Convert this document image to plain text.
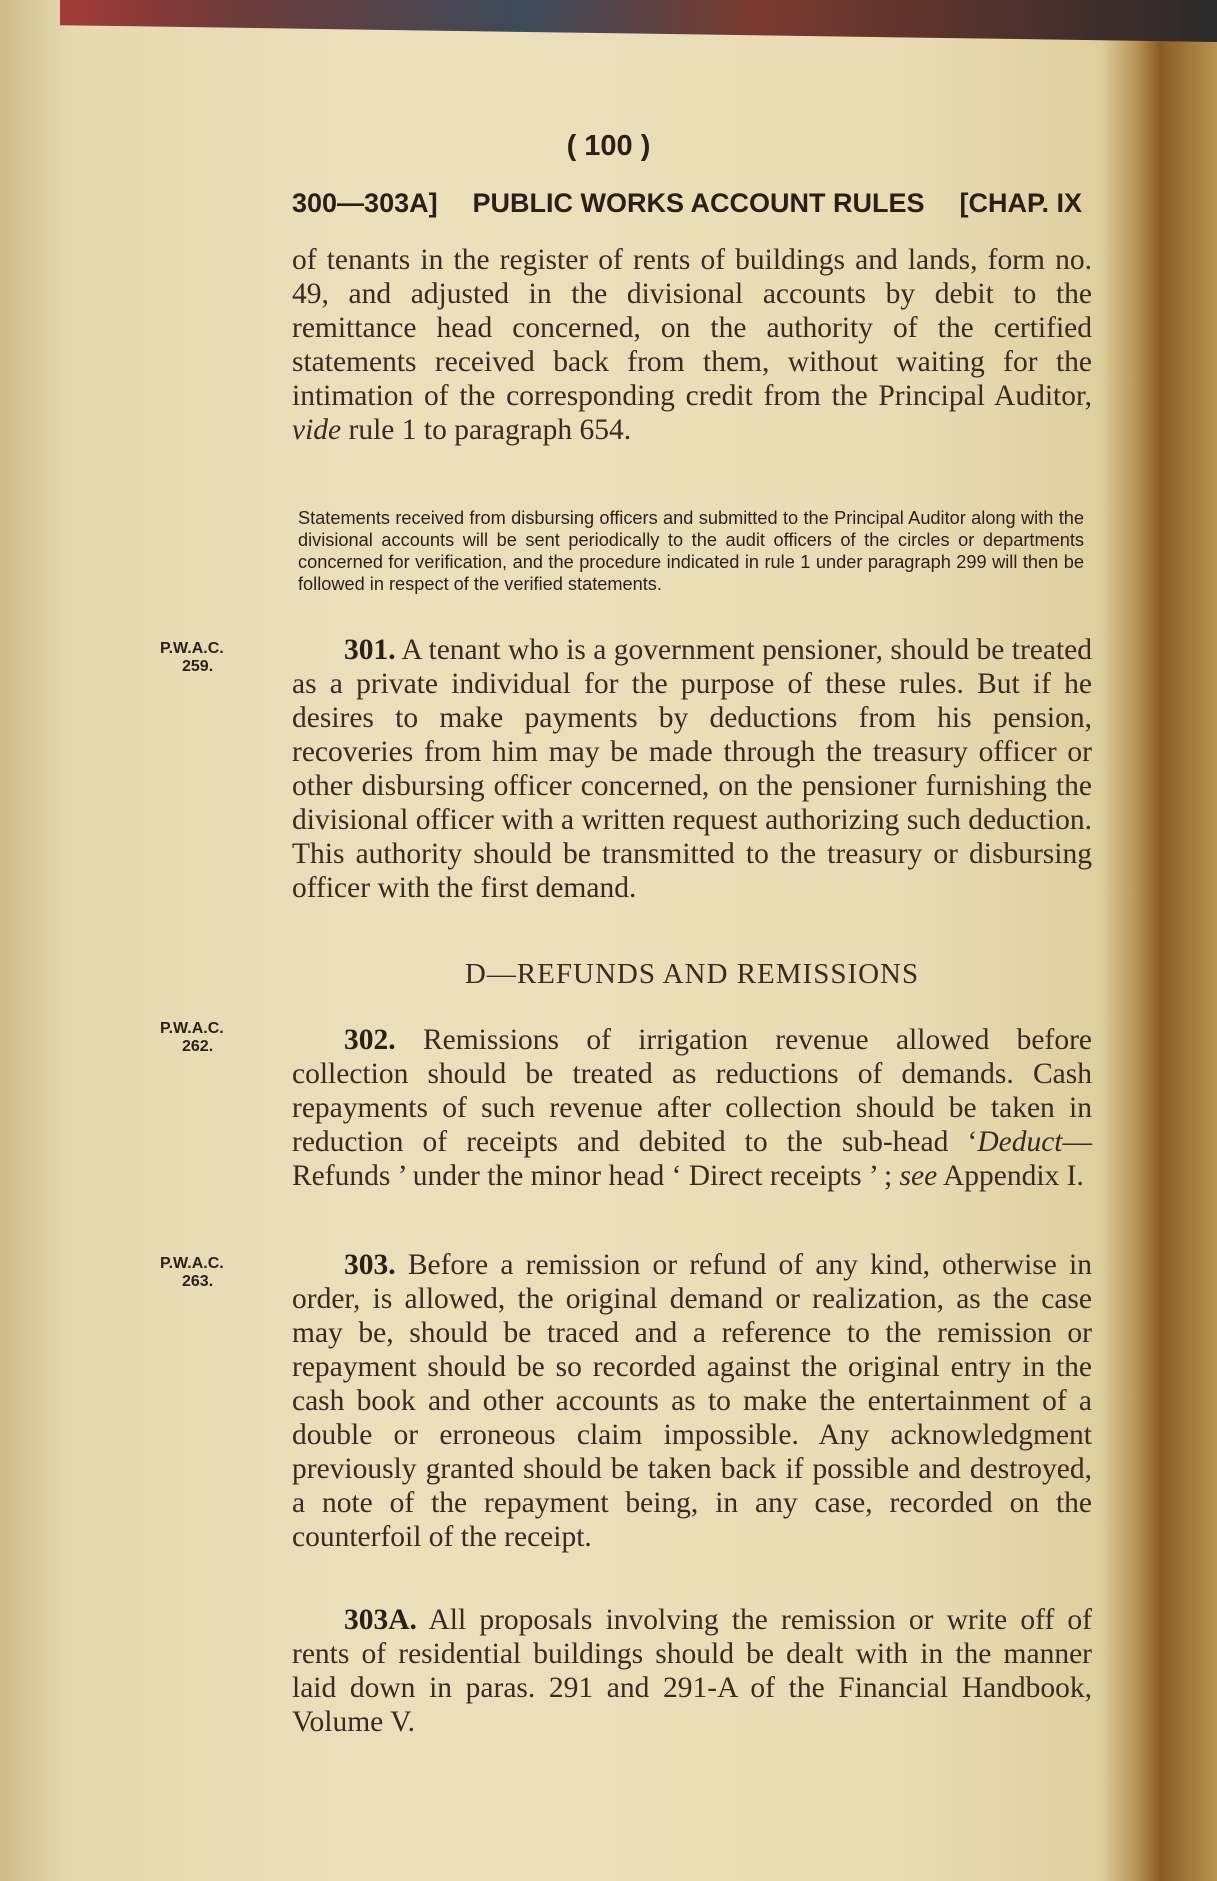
( 100 )
300—303A] PUBLIC WORKS ACCOUNT RULES [CHAP. IX

of tenants in the register of rents of buildings and lands, form no. 49, and adjusted in the divisional accounts by debit to the remittance head concerned, on the authority of the certified statements received back from them, without waiting for the intimation of the corresponding credit from the Principal Auditor, vide rule 1 to paragraph 654.

Statements received from disbursing officers and submitted to the Principal Auditor along with the divisional accounts will be sent periodically to the audit officers of the circles or departments concerned for verification, and the procedure indicated in rule 1 under paragraph 299 will then be followed in respect of the verified statements.
P.W.A.C.
259.

301. A tenant who is a government pensioner, should be treated as a private individual for the purpose of these rules. But if he desires to make payments by deductions from his pension, recoveries from him may be made through the treasury officer or other disbursing officer concerned, on the pensioner furnishing the divisional officer with a written request authorizing such deduction. This authority should be transmitted to the treasury or disbursing officer with the first demand.

D—REFUNDS AND REMISSIONS
P.W.A.C.
262.	302. Remissions of irrigation revenue allowed before collection should be treated as reductions of demands. Cash repayments of such revenue after collection should be taken in reduction of receipts and debited to the sub-head ‘Deduct—Refunds ’ under the minor head ‘ Direct receipts ’ ; see Appendix I.

P.W.A.C.
263.

303. Before a remission or refund of any kind, otherwise in order, is allowed, the original demand or realization, as the case may be, should be traced and a reference to the remission or repayment should be so recorded against the original entry in the cash book and other accounts as to make the entertainment of a double or erroneous claim impossible. Any acknowledgment previously granted should be taken back if possible and destroyed, a note of the repayment being, in any case, recorded on the counterfoil of the receipt.

303A. All proposals involving the remission or write off of rents of residential buildings should be dealt with in the manner laid down in paras. 291 and 291-A of the Financial Handbook, Volume V.
